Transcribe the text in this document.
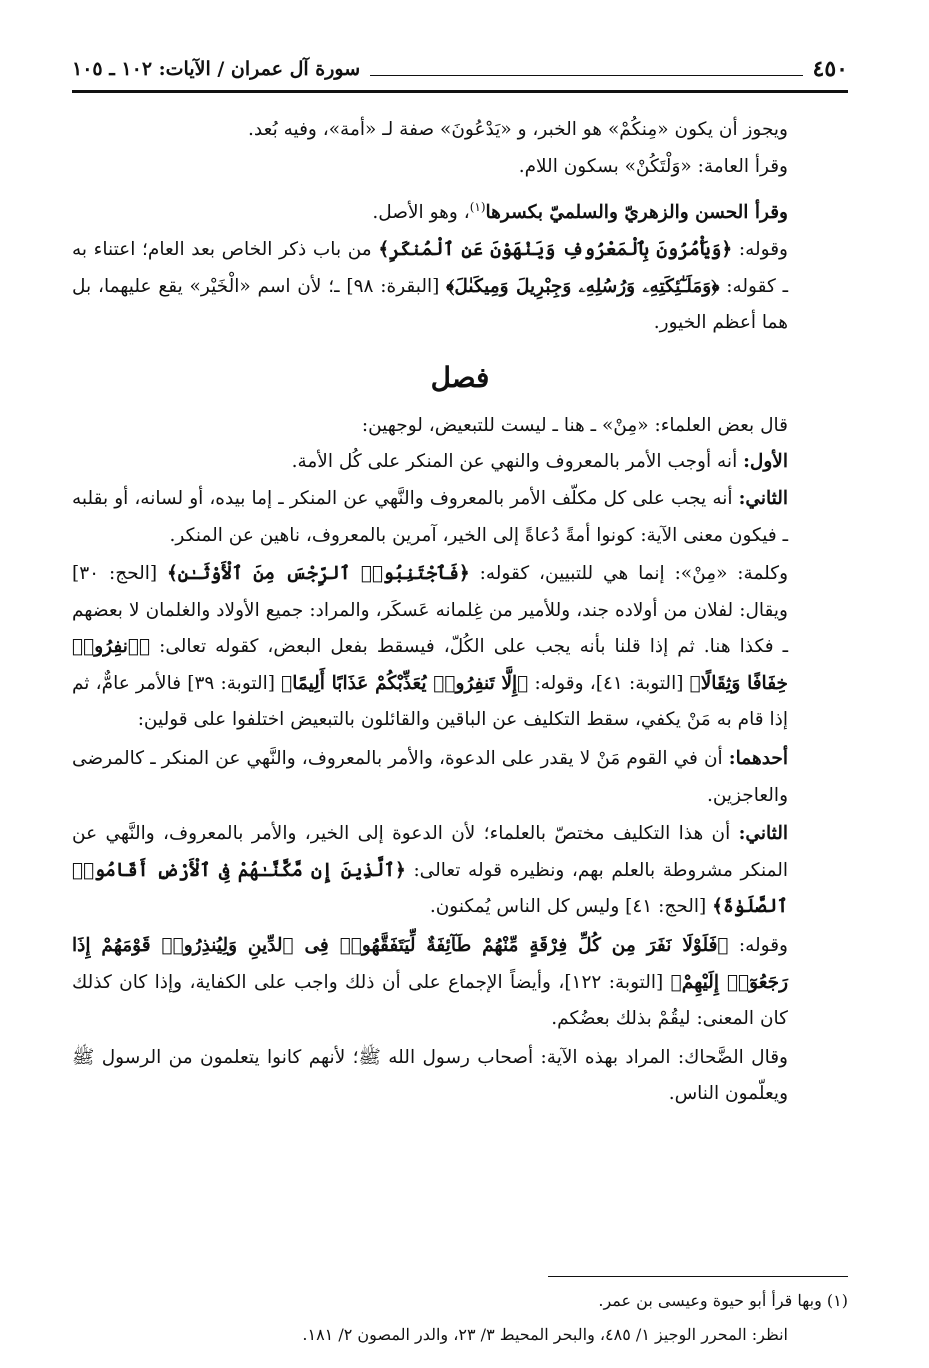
٤٥٠
سورة آل عمران / الآيات: ١٠٢ ـ ١٠٥

ويجوز أن يكون «مِنكُمْ» هو الخبر، و «يَدْعُونَ» صفة لـ «أمة»، وفيه بُعد.

وقرأ العامة: «وَلْتَكُنْ» بسكون اللام.

وقرأ الحسن والزهريّ والسلميّ بكسرها$^{(١)}$، وهو الأصل.

وقوله: ﴿وَيَأْمُرُونَ بِٱلْمَعْرُوفِ وَيَنْهَوْنَ عَنِ ٱلْمُنكَرِ﴾ من باب ذكر الخاص بعد العام؛ اعتناء به ـ كقوله: ﴿وَمَلَـٰٓئِكَتِهِۦ وَرُسُلِهِۦ وَجِبْرِيلَ وَمِيكَىٰلَ﴾ [البقرة: ٩٨] ـ؛ لأن اسم «الْخَيْر» يقع عليهما، بل هما أعظم الخيور.

فصل

قال بعض العلماء: «مِنْ» ـ هنا ـ ليست للتبعيض، لوجهين:

الأول: أنه أوجب الأمر بالمعروف والنهي عن المنكر على كُل الأمة.

الثاني: أنه يجب على كل مكلّف الأمر بالمعروف والنَّهي عن المنكر ـ إما بيده، أو لسانه، أو بقلبه ـ فيكون معنى الآية: كونوا أمةً دُعاةً إلى الخير، آمرين بالمعروف، ناهين عن المنكر.

وكلمة: «مِنْ»: إنما هي للتبيين، كقوله: ﴿فَٱجْتَنِبُوا۟ ٱلرِّجْسَ مِنَ ٱلْأَوْثَـٰنِ﴾ [الحج: ٣٠] ويقال: لفلان من أولاده جند، وللأمير من غِلمانه عَسكَر، والمراد: جميع الأولاد والغلمان لا بعضهم ـ فكذا هنا. ثم إذا قلنا بأنه يجب على الكُلّ، فيسقط بفعل البعض، كقوله تعالى: ﴿ٱنفِرُوا۟ خِفَافًا وَثِقَالًا﴾ [التوبة: ٤١]، وقوله: ﴿إِلَّا تَنفِرُوا۟ يُعَذِّبْكُمْ عَذَابًا أَلِيمًا﴾ [التوبة: ٣٩] فالأمر عامٌّ، ثم إذا قام به مَنْ يكفي، سقط التكليف عن الباقين والقائلون بالتبعيض اختلفوا على قولين:

أحدهما: أن في القوم مَنْ لا يقدر على الدعوة، والأمر بالمعروف، والنَّهي عن المنكر ـ كالمرضى والعاجزين.

الثاني: أن هذا التكليف مختصّ بالعلماء؛ لأن الدعوة إلى الخير، والأمر بالمعروف، والنَّهي عن المنكر مشروطة بالعلم بهم، ونظيره قوله تعالى: ﴿ٱلَّذِينَ إِن مَّكَّنَّـٰهُمْ فِى ٱلْأَرْضِ أَقَامُوا۟ ٱلصَّلَوٰةَ﴾ [الحج: ٤١] وليس كل الناس يُمكنون.

وقوله: ﴿فَلَوْلَا نَفَرَ مِن كُلِّ فِرْقَةٍ مِّنْهُمْ طَآئِفَةٌ لِّيَتَفَقَّهُوا۟ فِى ٱلدِّينِ وَلِيُنذِرُوا۟ قَوْمَهُمْ إِذَا رَجَعُوٓا۟ إِلَيْهِمْ﴾ [التوبة: ١٢٢]، وأيضاً الإجماع على أن ذلك واجب على الكفاية، وإذا كان كذلك كان المعنى: ليقُمْ بذلك بعضُكم.

وقال الضَّحاك: المراد بهذه الآية: أصحاب رسول الله ﷺ؛ لأنهم كانوا يتعلمون من الرسول ﷺ ويعلّمون الناس.

(١) وبها قرأ أبو حيوة وعيسى بن عمر.

انظر: المحرر الوجيز ١/ ٤٨٥، والبحر المحيط ٣/ ٢٣، والدر المصون ٢/ ١٨١.
